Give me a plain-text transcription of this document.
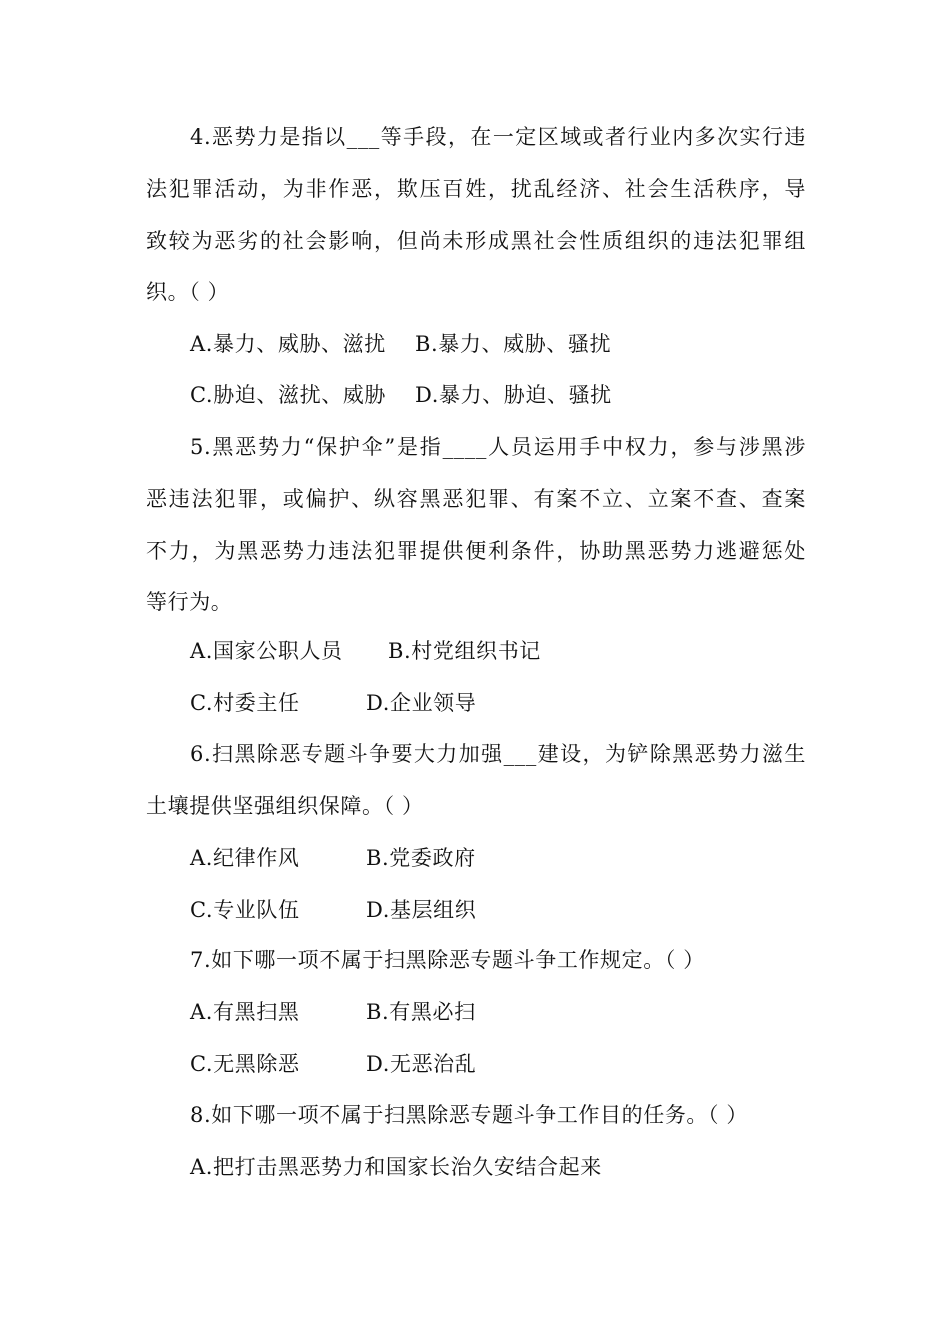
4.恶势力是指以___等手段，在一定区域或者行业内多次实行违
法犯罪活动，为非作恶，欺压百姓，扰乱经济、社会生活秩序，导
致较为恶劣的社会影响，但尚未形成黑社会性质组织的违法犯罪组
织。（ ）
A.暴力、威胁、滋扰 B.暴力、威胁、骚扰
C.胁迫、滋扰、威胁 D.暴力、胁迫、骚扰
5.黑恶势力“保护伞”是指____人员运用手中权力，参与涉黑涉
恶违法犯罪，或偏护、纵容黑恶犯罪、有案不立、立案不查、查案
不力，为黑恶势力违法犯罪提供便利条件，协助黑恶势力逃避惩处
等行为。
A.国家公职人员 B.村党组织书记
C.村委主任	D.企业领导
6.扫黑除恶专题斗争要大力加强___建设，为铲除黑恶势力滋生
土壤提供坚强组织保障。（ ）
A.纪律作风	B.党委政府
C.专业队伍	D.基层组织
7.如下哪一项不属于扫黑除恶专题斗争工作规定。（ ）
A.有黑扫黑	B.有黑必扫
C.无黑除恶	D.无恶治乱
8.如下哪一项不属于扫黑除恶专题斗争工作目的任务。（ ）
A.把打击黑恶势力和国家长治久安结合起来
